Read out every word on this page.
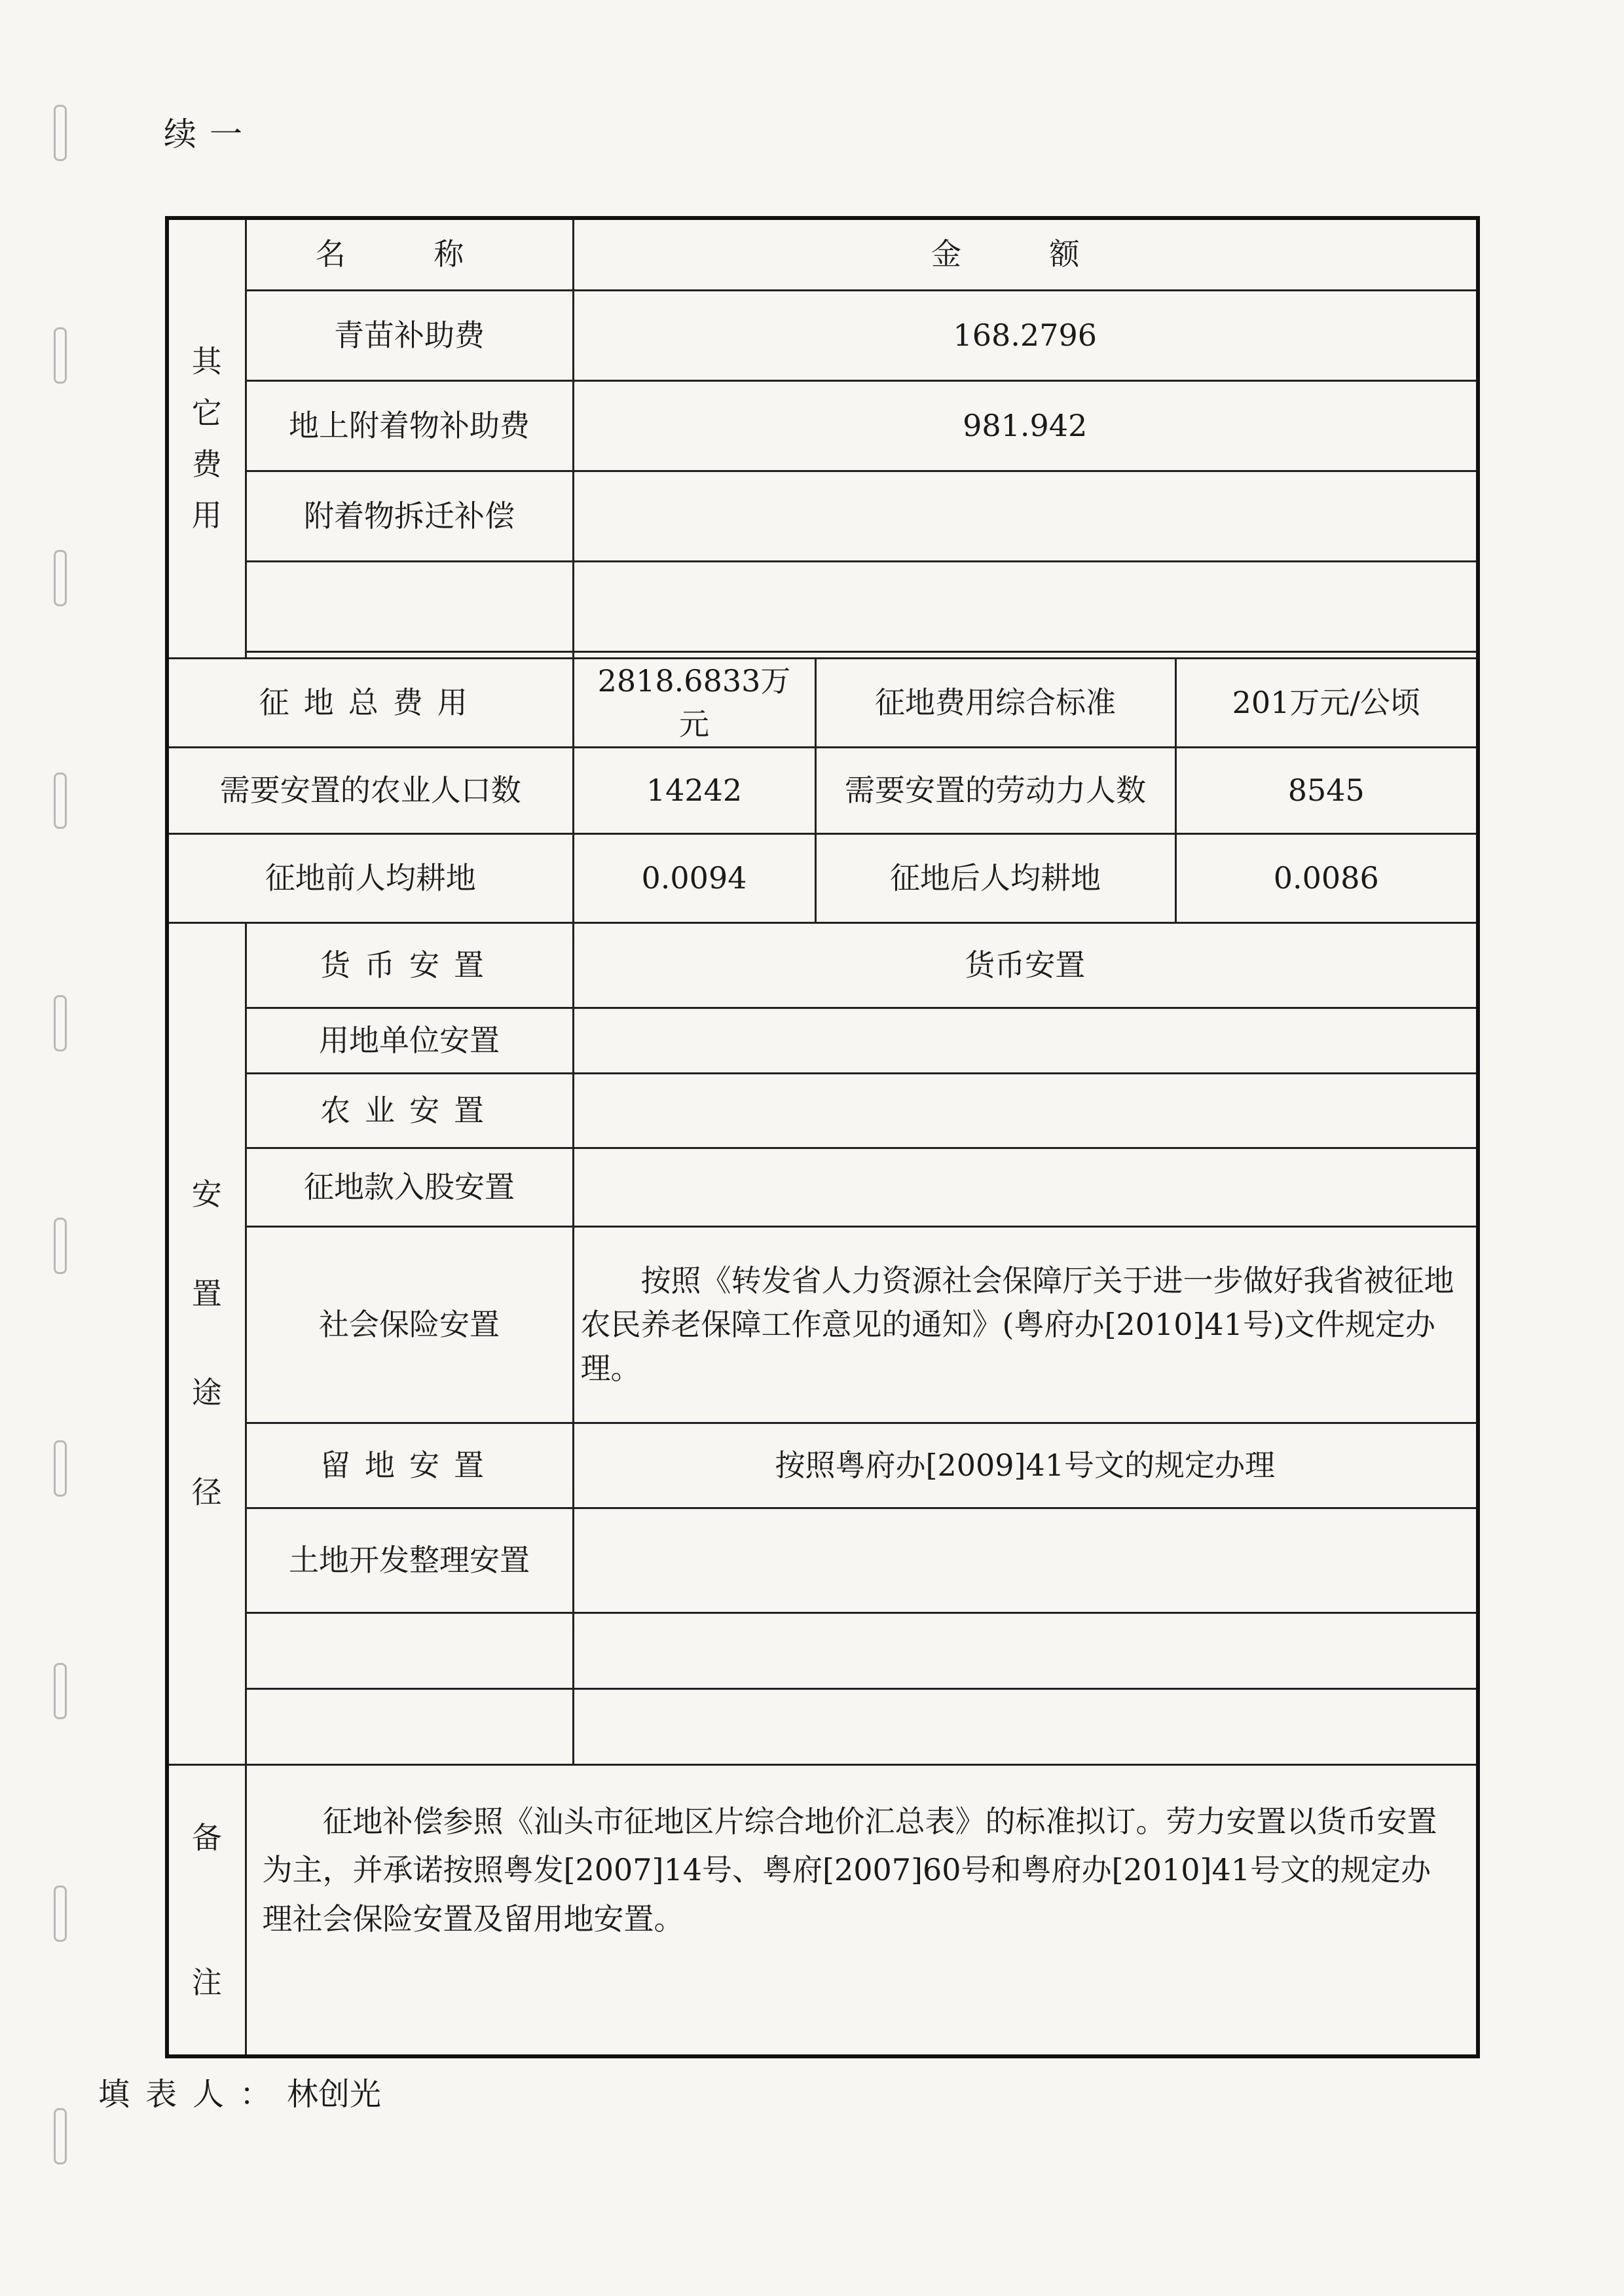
续一
其它费用	名 称	金 额		
	青苗补助费	168.2796		
	地上附着物补助费	981.942		
	附着物拆迁补偿			

征地总费用		2818.6833万元	征地费用综合标准	201万元/公顷
需要安置的农业人口数		14242	需要安置的劳动力人数	8545
征地前人均耕地		0.0094	征地后人均耕地	0.0086
安置途径	货币安置	货币安置		
	用地单位安置			
	农业安置			
	征地款入股安置			
	社会保险安置	按照《转发省人力资源社会保障厅关于进一步做好我省被征地农民养老保障工作意见的通知》(粤府办[2010]41号)文件规定办理。		
	留地安置	按照粤府办[2009]41号文的规定办理		
	土地开发整理安置			

备注	征地补偿参照《汕头市征地区片综合地价汇总表》的标准拟订。劳力安置以货币安置为主，并承诺按照粤发[2007]14号、粤府[2007]60号和粤府办[2010]41号文的规定办理社会保险安置及留用地安置。			
填表人：林创光
